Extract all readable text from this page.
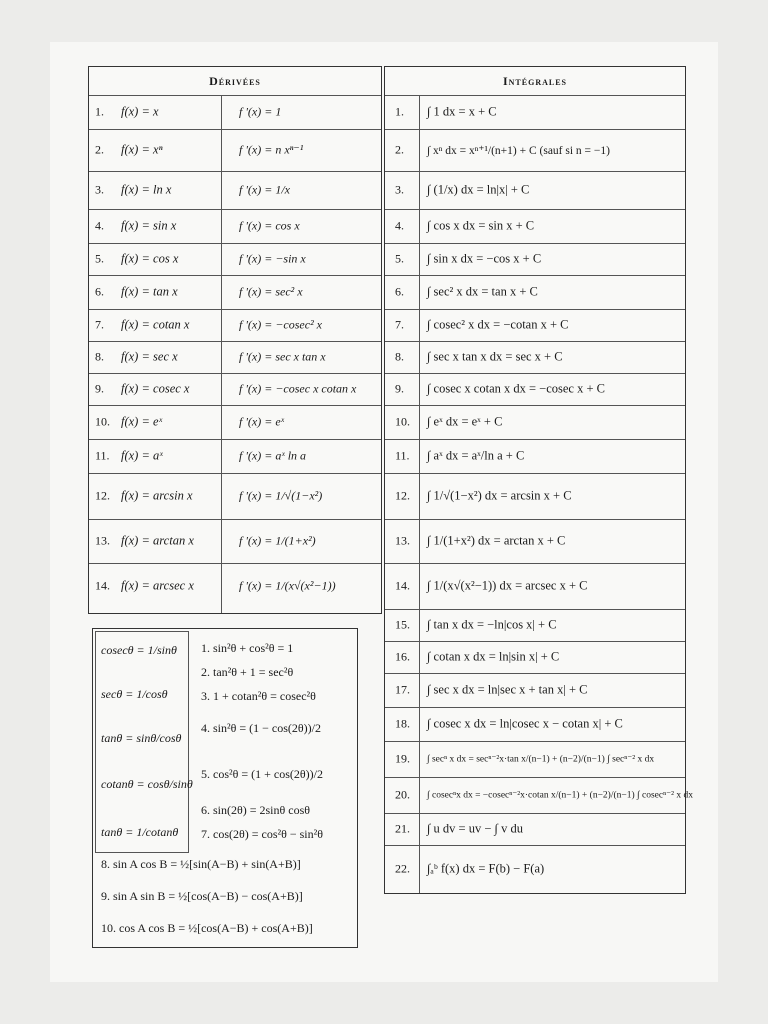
Dérivées
1. f(x) = x	f '(x) = 1
2. f(x) = xⁿ	f '(x) = n xⁿ⁻¹
3. f(x) = ln x	f '(x) = 1/x
4. f(x) = sin x	f '(x) = cos x
5. f(x) = cos x	f '(x) = −sin x
6. f(x) = tan x	f '(x) = sec² x
7. f(x) = cotan x	f '(x) = −cosec² x
8. f(x) = sec x	f '(x) = sec x tan x
9. f(x) = cosec x	f '(x) = −cosec x cotan x
10. f(x) = eˣ	f '(x) = eˣ
11. f(x) = aˣ	f '(x) = aˣ ln a
12. f(x) = arcsin x	f '(x) = 1/√(1−x²)
13. f(x) = arctan x	f '(x) = 1/(1+x²)
14. f(x) = arcsec x	f '(x) = 1/(x√(x²−1))
Intégrales
1. ∫ 1 dx = x + C
2. ∫ xⁿ dx = xⁿ⁺¹/(n+1) + C (sauf si n = −1)
3. ∫ (1/x) dx = ln|x| + C
4. ∫ cos x dx = sin x + C
5. ∫ sin x dx = −cos x + C
6. ∫ sec² x dx = tan x + C
7. ∫ cosec² x dx = −cotan x + C
8. ∫ sec x tan x dx = sec x + C
9. ∫ cosec x cotan x dx = −cosec x + C
10. ∫ eˣ dx = eˣ + C
11. ∫ aˣ dx = aˣ/ln a + C
12. ∫ 1/√(1−x²) dx = arcsin x + C
13. ∫ 1/(1+x²) dx = arctan x + C
14. ∫ 1/(x√(x²−1)) dx = arcsec x + C
15. ∫ tan x dx = −ln|cos x| + C
16. ∫ cotan x dx = ln|sin x| + C
17. ∫ sec x dx = ln|sec x + tan x| + C
18. ∫ cosec x dx = ln|cosec x − cotan x| + C
19. ∫ secⁿ x dx = secⁿ⁻²x·tan x/(n−1) + (n−2)/(n−1) ∫ secⁿ⁻² x dx
20. ∫ cosecⁿx dx = −cosecⁿ⁻²x·cotan x/(n−1) + (n−2)/(n−1) ∫ cosecⁿ⁻² x dx
21. ∫ u dv = uv − ∫ v du
22. ∫ₐᵇ f(x) dx = F(b) − F(a)
cosecθ = 1/sinθ
secθ = 1/cosθ
tanθ = sinθ/cosθ
cotanθ = cosθ/sinθ
tanθ = 1/cotanθ
1. sin²θ + cos²θ = 1
2. tan²θ + 1 = sec²θ
3. 1 + cotan²θ = cosec²θ
4. sin²θ = (1 − cos(2θ))/2
5. cos²θ = (1 + cos(2θ))/2
6. sin(2θ) = 2sinθ cosθ
7. cos(2θ) = cos²θ − sin²θ
8. sin A cos B = ½[sin(A−B) + sin(A+B)]
9. sin A sin B = ½[cos(A−B) − cos(A+B)]
10. cos A cos B = ½[cos(A−B) + cos(A+B)]
